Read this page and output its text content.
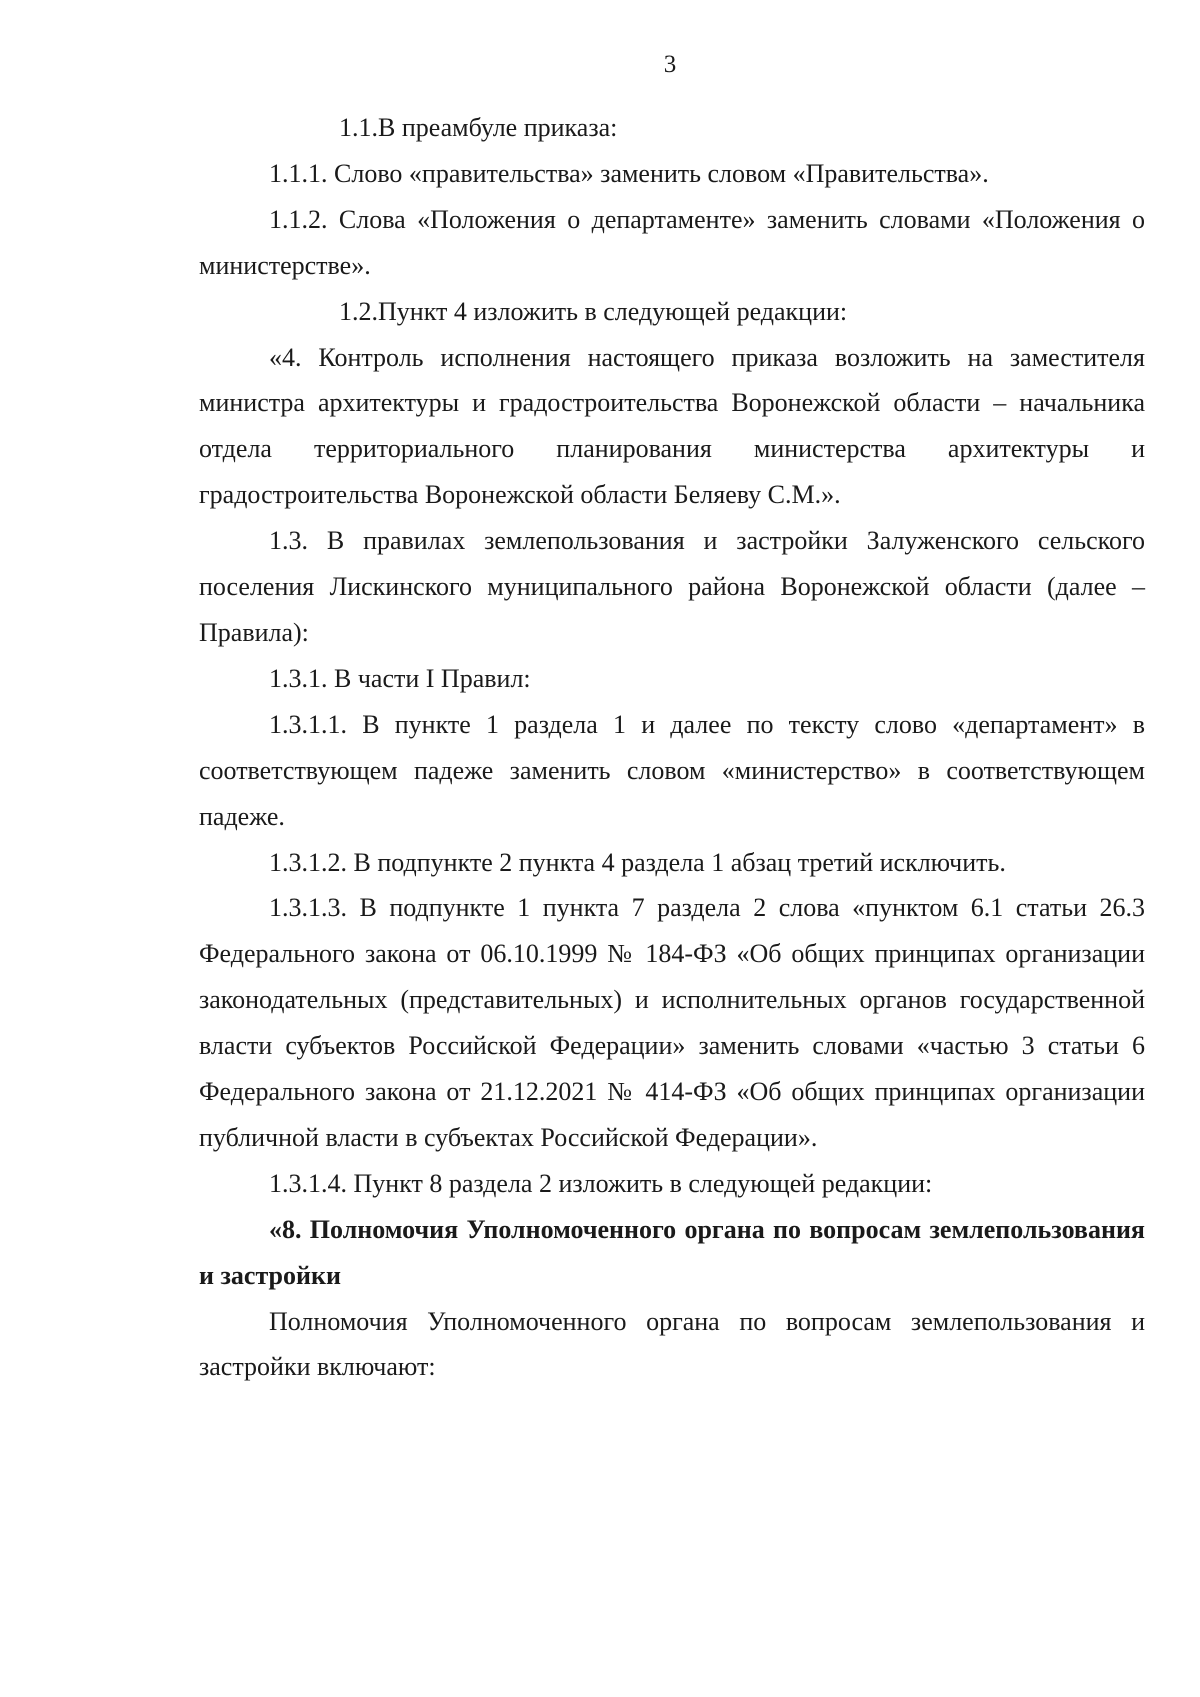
3

1.1.В преамбуле приказа:

1.1.1. Слово «правительства» заменить словом «Правительства».

1.1.2. Слова «Положения о департаменте» заменить словами «Положения о министерстве».

1.2.Пункт 4 изложить в следующей редакции:

«4. Контроль исполнения настоящего приказа возложить на заместителя министра архитектуры и градостроительства Воронежской области – начальника отдела территориального планирования министерства архитектуры и градостроительства Воронежской области Беляеву С.М.».

1.3. В правилах землепользования и застройки Залуженского сельского поселения Лискинского муниципального района Воронежской области (далее – Правила):

1.3.1. В части I Правил:

1.3.1.1. В пункте 1 раздела 1 и далее по тексту слово «департамент» в соответствующем падеже заменить словом «министерство» в соответствующем падеже.

1.3.1.2. В подпункте 2 пункта 4 раздела 1 абзац третий исключить.

1.3.1.3. В подпункте 1 пункта 7 раздела 2 слова «пунктом 6.1 статьи 26.3 Федерального закона от 06.10.1999 № 184-ФЗ «Об общих принципах организации законодательных (представительных) и исполнительных органов государственной власти субъектов Российской Федерации» заменить словами «частью 3 статьи 6 Федерального закона от 21.12.2021 № 414-ФЗ «Об общих принципах организации публичной власти в субъектах Российской Федерации».

1.3.1.4. Пункт 8 раздела 2 изложить в следующей редакции:

«8. Полномочия Уполномоченного органа по вопросам землепользования и застройки

Полномочия Уполномоченного органа по вопросам землепользования и застройки включают:
